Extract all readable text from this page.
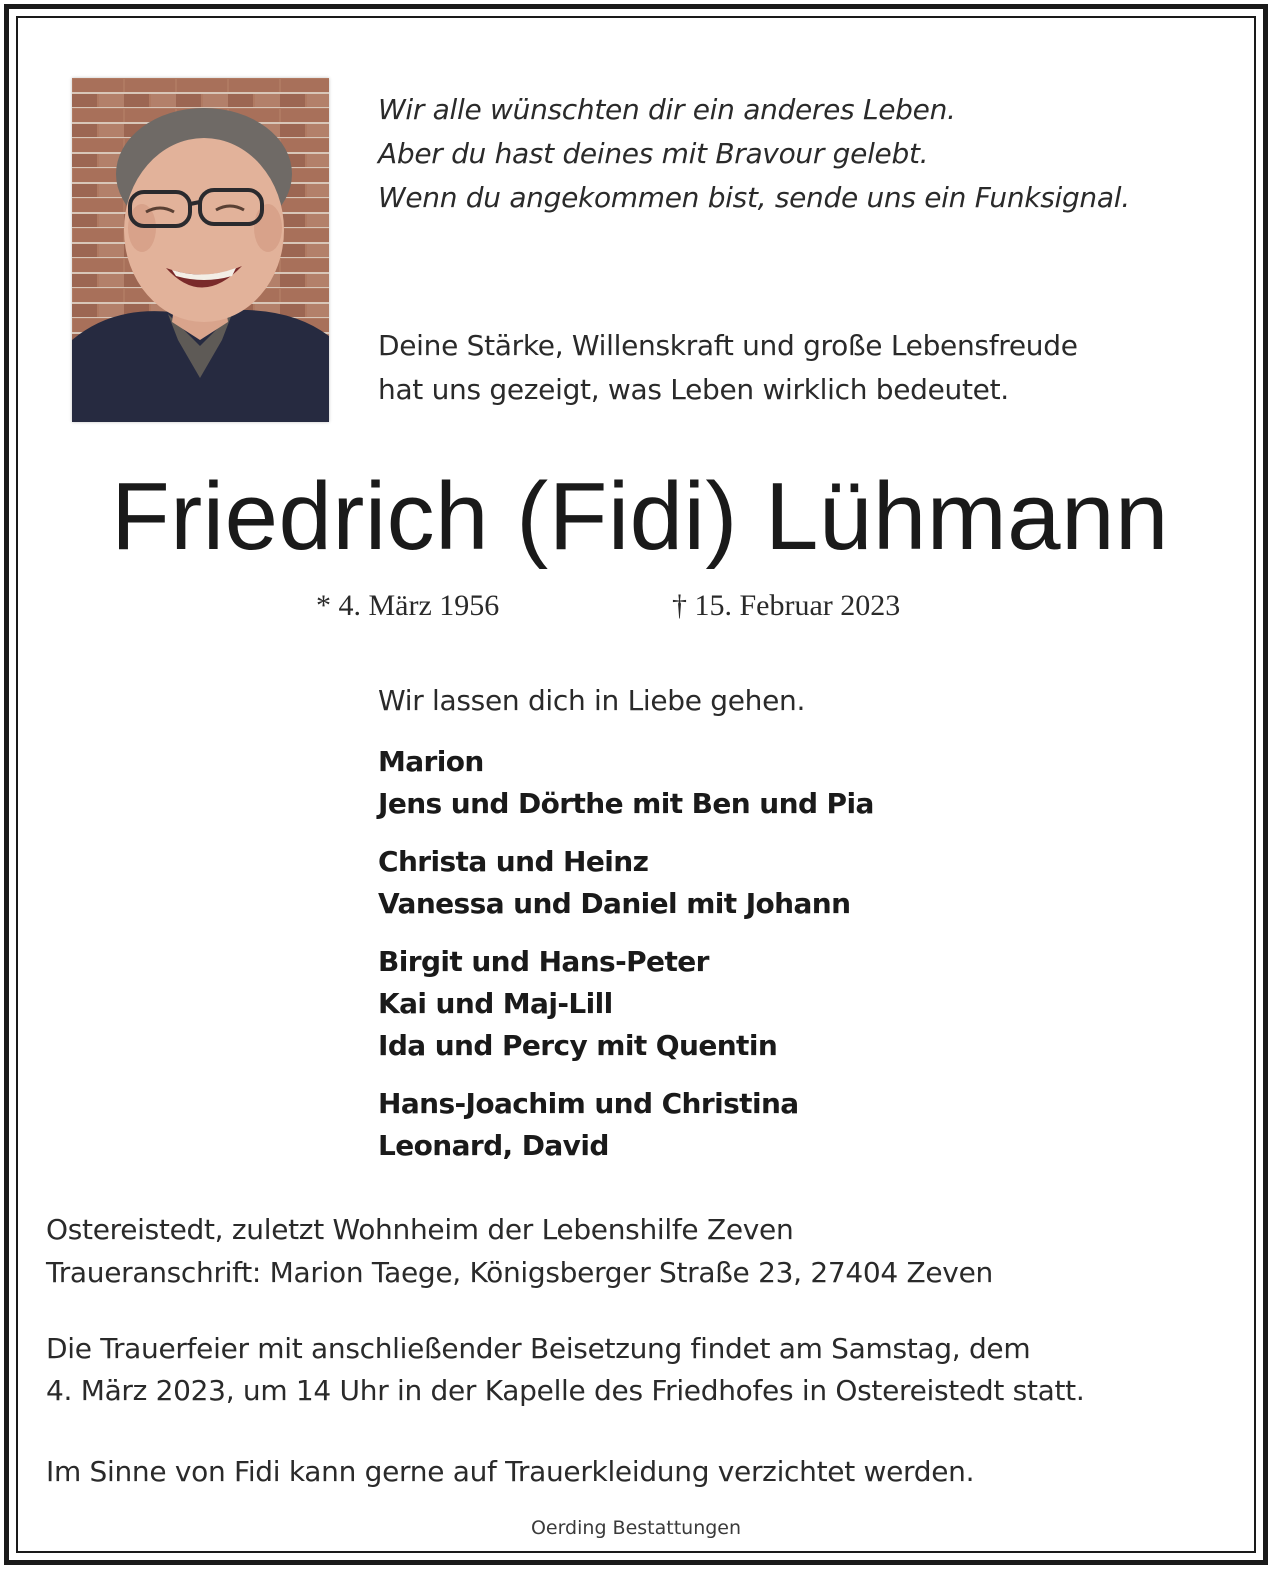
Wir alle wünschten dir ein anderes Leben.
Aber du hast deines mit Bravour gelebt.
Wenn du angekommen bist, sende uns ein Funksignal.
Deine Stärke, Willenskraft und große Lebensfreude
hat uns gezeigt, was Leben wirklich bedeutet.
Friedrich (Fidi) Lühmann
* 4. März 1956	† 15. Februar 2023
Wir lassen dich in Liebe gehen.
Marion
Jens und Dörthe mit Ben und Pia
Christa und Heinz
Vanessa und Daniel mit Johann
Birgit und Hans-Peter
Kai und Maj-Lill
Ida und Percy mit Quentin
Hans-Joachim und Christina
Leonard, David
Ostereistedt, zuletzt Wohnheim der Lebenshilfe Zeven
Traueranschrift: Marion Taege, Königsberger Straße 23, 27404 Zeven
Die Trauerfeier mit anschließender Beisetzung findet am Samstag, dem
4. März 2023, um 14 Uhr in der Kapelle des Friedhofes in Ostereistedt statt.
Im Sinne von Fidi kann gerne auf Trauerkleidung verzichtet werden.
Oerding Bestattungen
